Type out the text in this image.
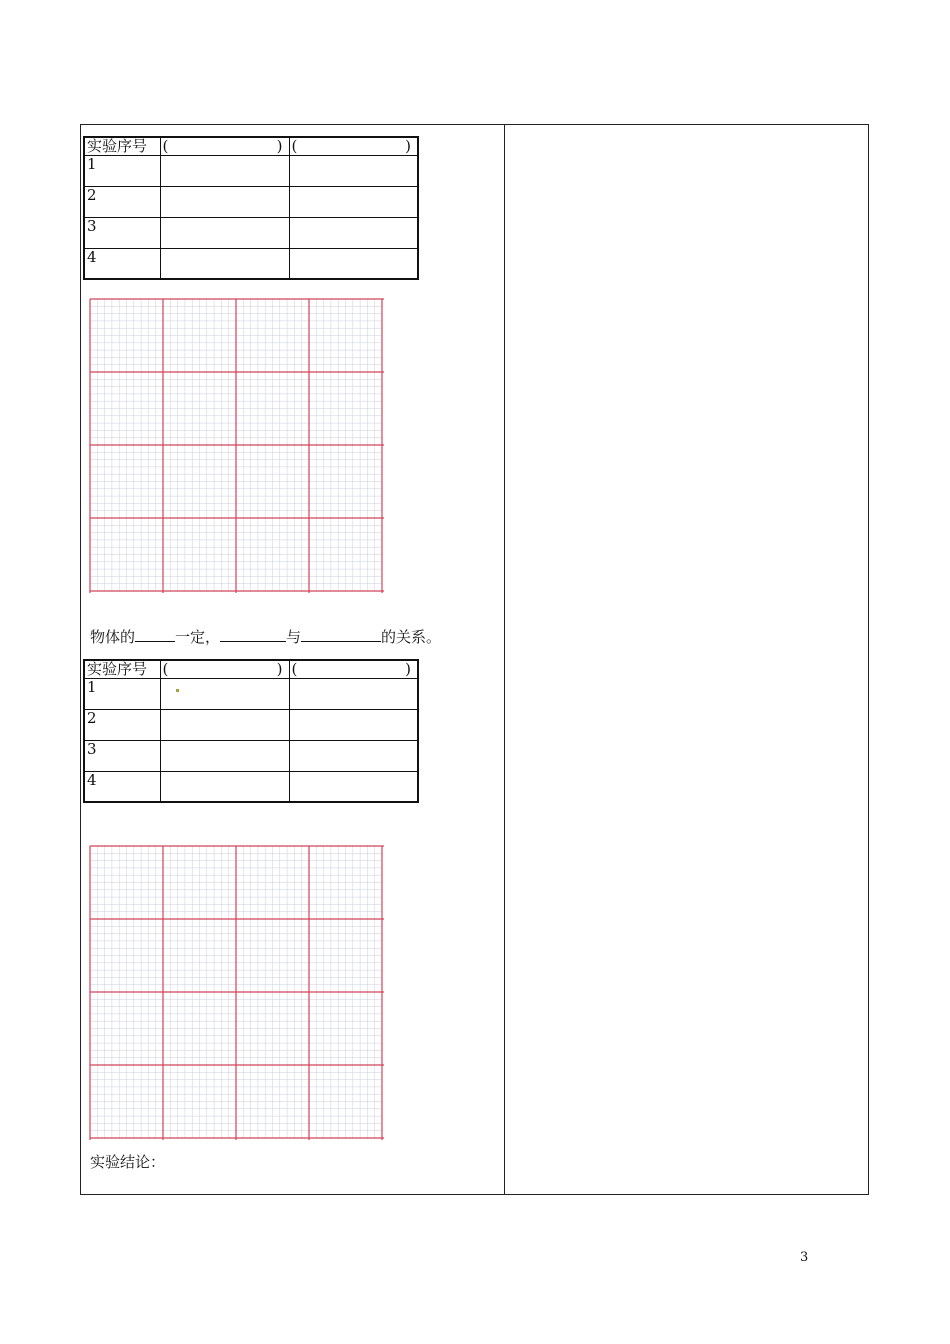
实验序号	( )	( )

1		
2		
3		
4		
物体的	一定，	与	的关系。
实验序号	( )	( )

1		
2		
3		
4		
实验结论：
3
